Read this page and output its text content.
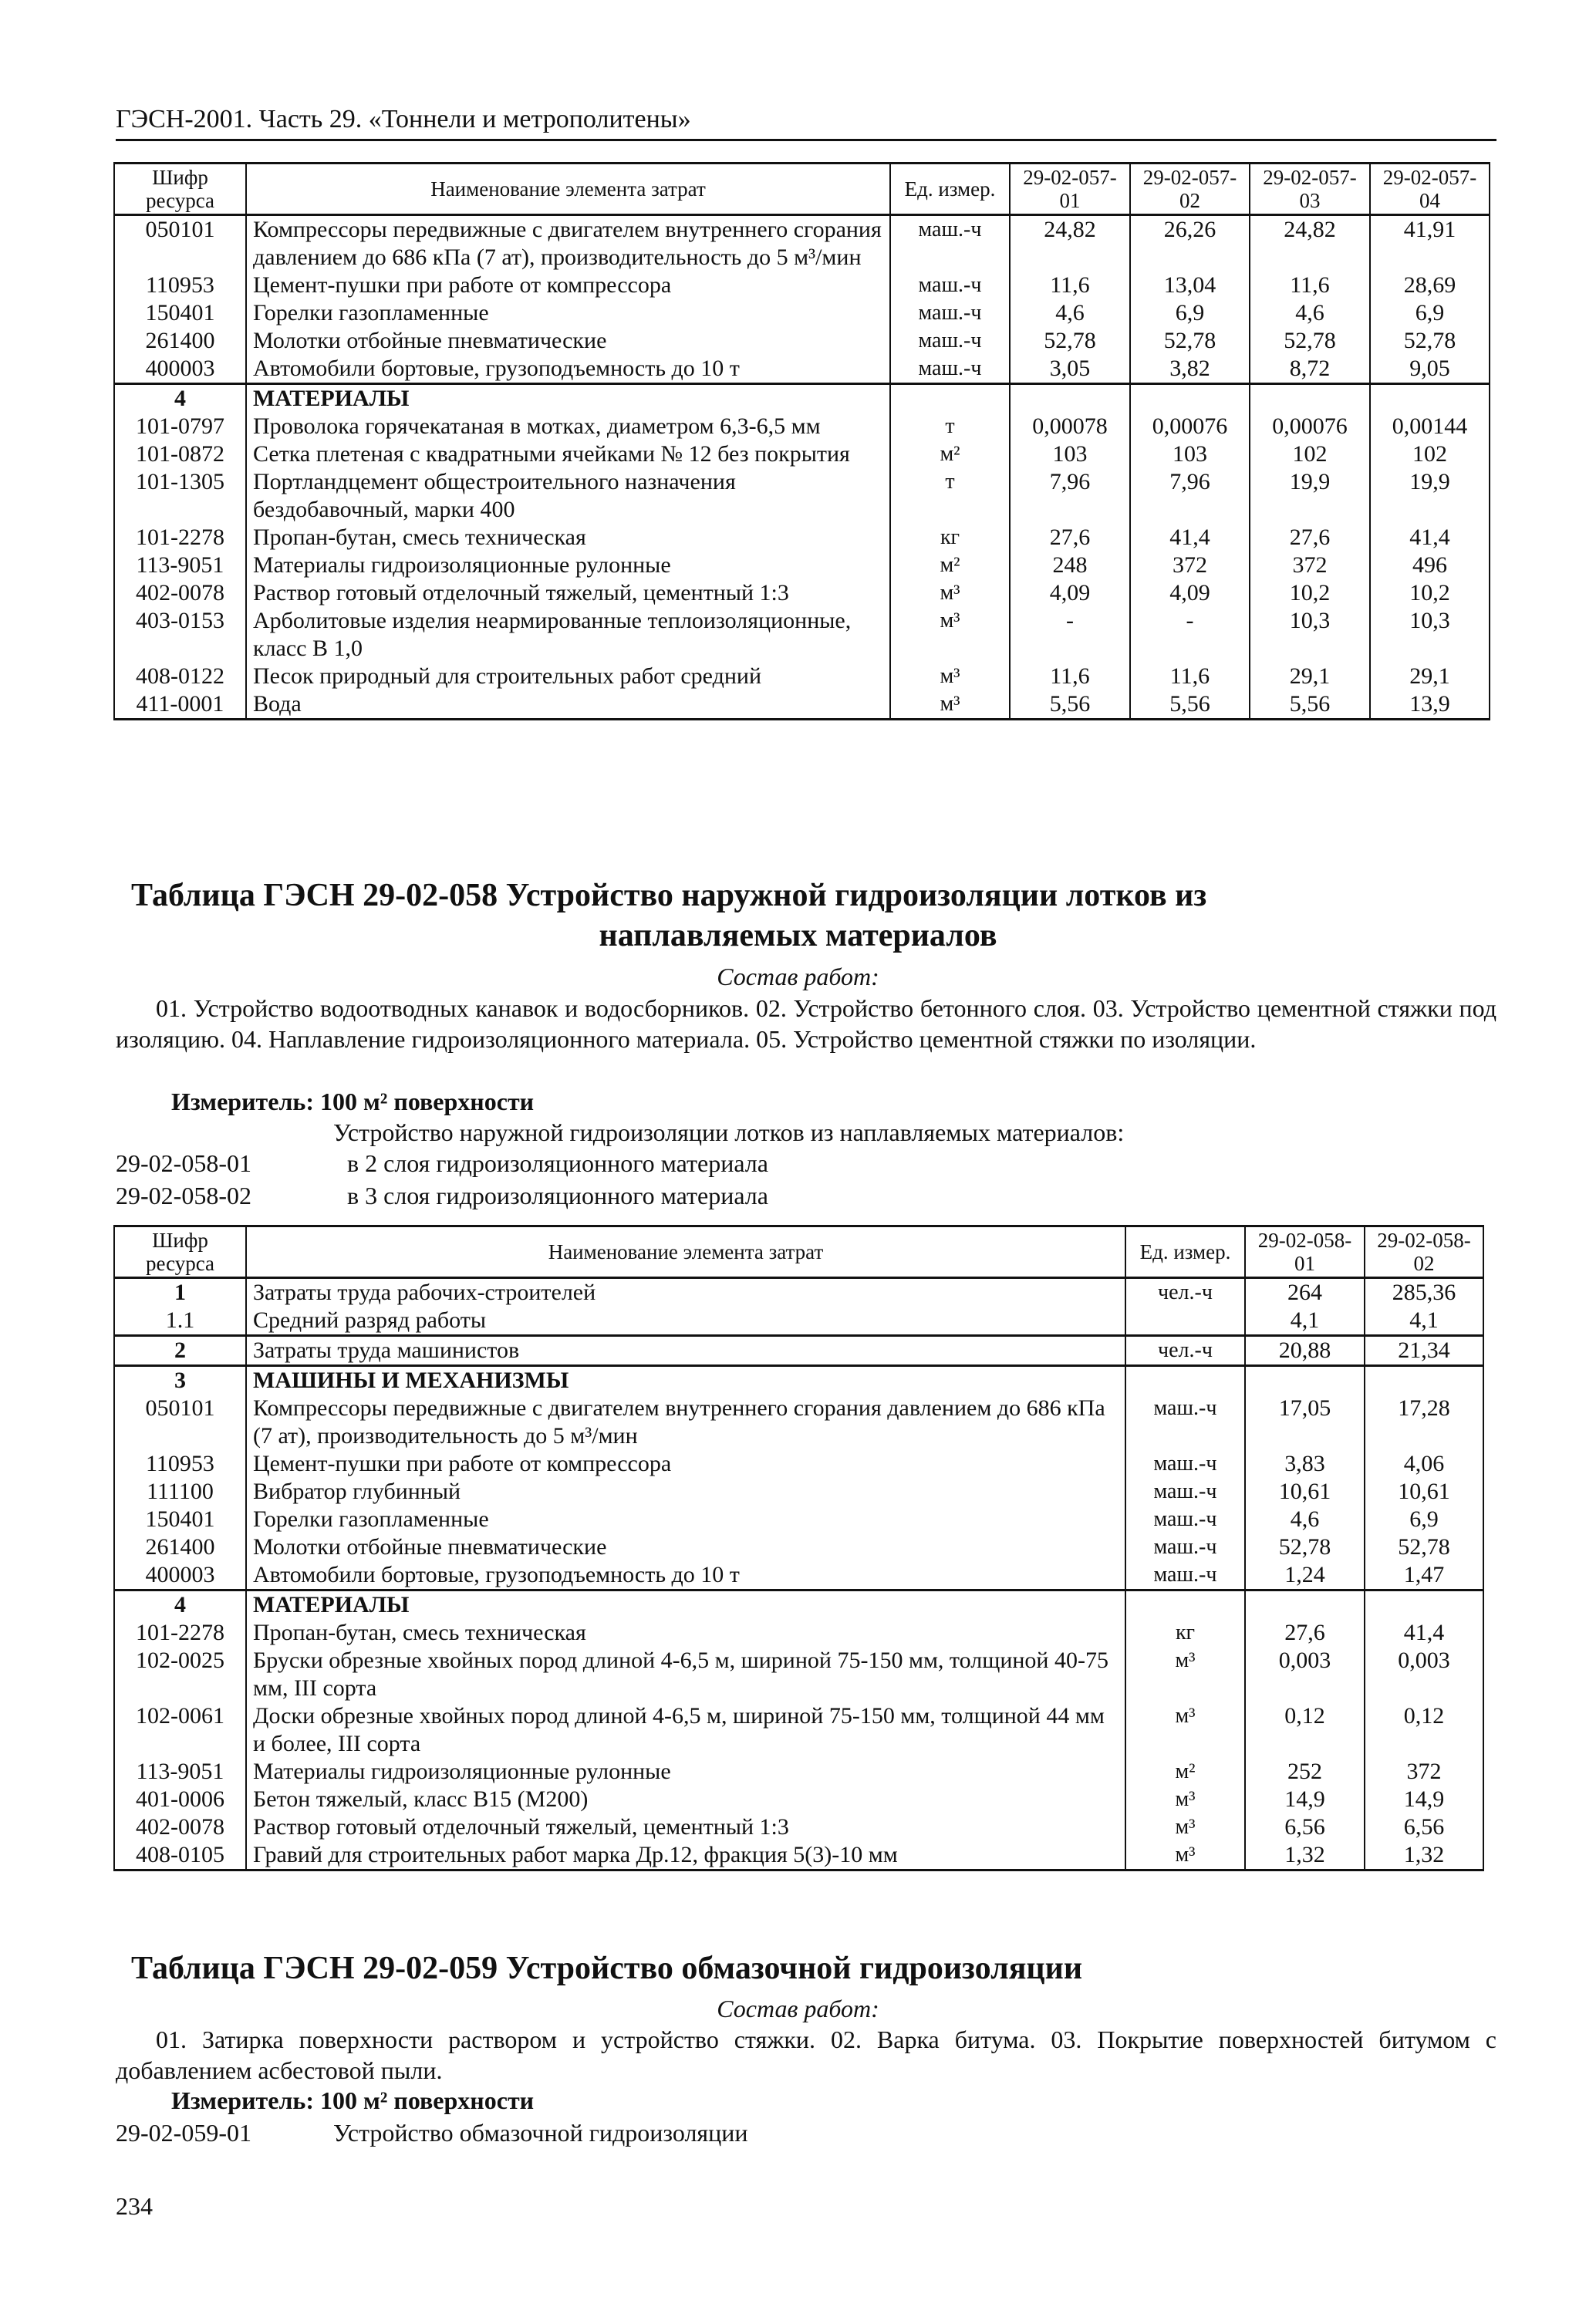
ГЭСН-2001. Часть 29. «Тоннели и метрополитены»
Шифр ресурса	Наименование элемента затрат	Ед. измер.	29-02-057-01	29-02-057-02	29-02-057-03	29-02-057-04
050101	Компрессоры передвижные с двигателем внутреннего сгорания давлением до 686 кПа (7 ат), производительность до 5 м³/мин	маш.-ч	24,82	26,26	24,82	41,91
110953	Цемент-пушки при работе от компрессора	маш.-ч	11,6	13,04	11,6	28,69
150401	Горелки газопламенные	маш.-ч	4,6	6,9	4,6	6,9
261400	Молотки отбойные пневматические	маш.-ч	52,78	52,78	52,78	52,78
400003	Автомобили бортовые, грузоподъемность до 10 т	маш.-ч	3,05	3,82	8,72	9,05
4	МАТЕРИАЛЫ					
101-0797	Проволока горячекатаная в мотках, диаметром 6,3-6,5 мм	т	0,00078	0,00076	0,00076	0,00144
101-0872	Сетка плетеная с квадратными ячейками № 12 без покрытия	м²	103	103	102	102
101-1305	Портландцемент общестроительного назначения бездобавочный, марки 400	т	7,96	7,96	19,9	19,9
101-2278	Пропан-бутан, смесь техническая	кг	27,6	41,4	27,6	41,4
113-9051	Материалы гидроизоляционные рулонные	м²	248	372	372	496
402-0078	Раствор готовый отделочный тяжелый, цементный 1:3	м³	4,09	4,09	10,2	10,2
403-0153	Арболитовые изделия неармированные теплоизоляционные, класс В 1,0	м³	-	-	10,3	10,3
408-0122	Песок природный для строительных работ средний	м³	11,6	11,6	29,1	29,1
411-0001	Вода	м³	5,56	5,56	5,56	13,9
Таблица ГЭСН 29-02-058 Устройство наружной гидроизоляции лотков из
наплавляемых материалов
Состав работ:
01. Устройство водоотводных канавок и водосборников. 02. Устройство бетонного слоя. 03. Устройство цементной стяжки под изоляцию. 04. Наплавление гидроизоляционного материала. 05. Устройство цементной стяжки по изоляции.
Измеритель: 100 м² поверхности
Устройство наружной гидроизоляции лотков из наплавляемых материалов:
29-02-058-01	в 2 слоя гидроизоляционного материала
29-02-058-02	в 3 слоя гидроизоляционного материала
Шифр ресурса	Наименование элемента затрат	Ед. измер.	29-02-058-01	29-02-058-02
1	Затраты труда рабочих-строителей	чел.-ч	264	285,36
1.1	Средний разряд работы		4,1	4,1
2	Затраты труда машинистов	чел.-ч	20,88	21,34
3	МАШИНЫ И МЕХАНИЗМЫ			
050101	Компрессоры передвижные с двигателем внутреннего сгорания давлением до 686 кПа (7 ат), производительность до 5 м³/мин	маш.-ч	17,05	17,28
110953	Цемент-пушки при работе от компрессора	маш.-ч	3,83	4,06
111100	Вибратор глубинный	маш.-ч	10,61	10,61
150401	Горелки газопламенные	маш.-ч	4,6	6,9
261400	Молотки отбойные пневматические	маш.-ч	52,78	52,78
400003	Автомобили бортовые, грузоподъемность до 10 т	маш.-ч	1,24	1,47
4	МАТЕРИАЛЫ			
101-2278	Пропан-бутан, смесь техническая	кг	27,6	41,4
102-0025	Бруски обрезные хвойных пород длиной 4-6,5 м, шириной 75-150 мм, толщиной 40-75 мм, III сорта	м³	0,003	0,003
102-0061	Доски обрезные хвойных пород длиной 4-6,5 м, шириной 75-150 мм, толщиной 44 мм и более, III сорта	м³	0,12	0,12
113-9051	Материалы гидроизоляционные рулонные	м²	252	372
401-0006	Бетон тяжелый, класс В15 (М200)	м³	14,9	14,9
402-0078	Раствор готовый отделочный тяжелый, цементный 1:3	м³	6,56	6,56
408-0105	Гравий для строительных работ марка Др.12, фракция 5(3)-10 мм	м³	1,32	1,32
Таблица ГЭСН 29-02-059 Устройство обмазочной гидроизоляции
Состав работ:
01. Затирка поверхности раствором и устройство стяжки. 02. Варка битума. 03. Покрытие поверхностей битумом с добавлением асбестовой пыли.
Измеритель: 100 м² поверхности
29-02-059-01	Устройство обмазочной гидроизоляции
234
